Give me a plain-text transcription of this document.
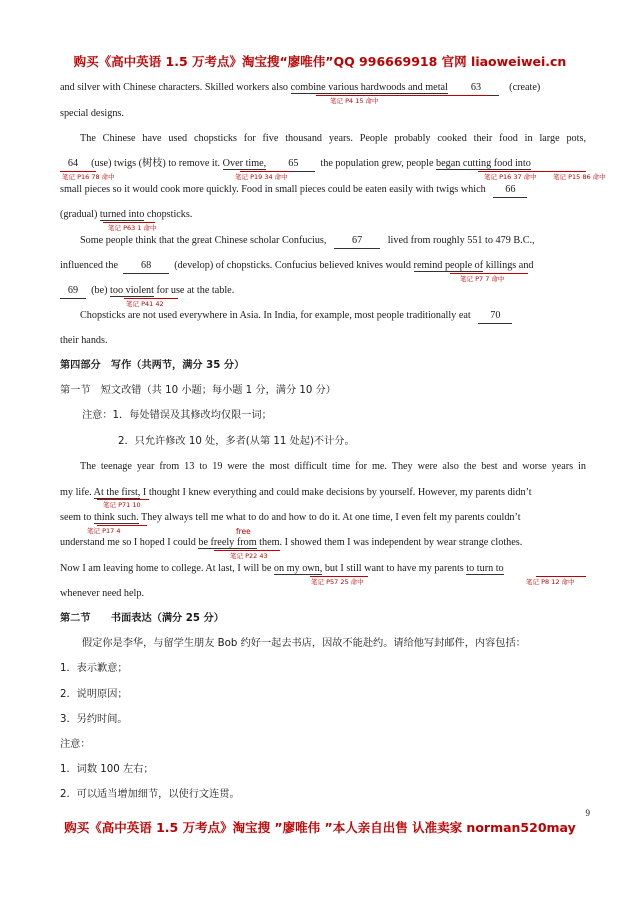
购买《高中英语 1.5 万考点》淘宝搜“廖唯伟”QQ 996669918 官网 liaoweiwei.cn
and silver with Chinese characters. Skilled workers also combine various hardwoods and metal 63	(create)
笔记 P4 15 命中
special designs.
The Chinese have used chopsticks for five thousand years. People probably cooked their food in large pots,
64 (use) twigs (树枝) to remove it. Over time, 65 the population grew, people began cutting food into
笔记 P16 78 命中	笔记 P19 34 命中	笔记 P16 37 命中	笔记 P15 86 命中
small pieces so it would cook more quickly. Food in small pieces could be eaten easily with twigs which 66
(gradual) turned into chopsticks.
笔记 P63 1 命中
Some people think that the great Chinese scholar Confucius,	67	lived from roughly 551 to 479 B.C.,
influenced the 68 (develop) of chopsticks. Confucius believed knives would remind people of killings and
笔记 P7 7 命中
69 (be) too violent for use at the table.
笔记 P41 42
Chopsticks are not used everywhere in Asia. In India, for example, most people traditionally eat 70
their hands.
第四部分　写作（共两节，满分 35 分）
第一节　短文改错（共 10 小题；每小题 1 分，满分 10 分）
注意：1．每处错误及其修改均仅限一词；
2．只允许修改 10 处，多者(从第 11 处起)不计分。
The teenage year from 13 to 19 were the most difficult time for me. They were also the best and worse years in
my life. At the first, I thought I knew everything and could make decisions by yourself. However, my parents didn’t
笔记 P71 10
seem to think such. They always tell me what to do and how to do it. At one time, I even felt my parents couldn’t
笔记 P17 4	free
understand me so I hoped I could be freely from them. I showed them I was independent by wear strange clothes.
笔记 P22 43
Now I am leaving home to college. At last, I will be on my own, but I still want to have my parents to turn to
笔记 P57 25 命中	笔记 P8 12 命中
whenever need help.
第二节　　书面表达（满分 25 分）
假定你是李华，与留学生朋友 Bob 约好一起去书店，因故不能赴约。请给他写封邮件，内容包括：
1．表示歉意；
2．说明原因；
3．另约时间。
注意：
1．词数 100 左右；
2．可以适当增加细节，以使行文连贯。
9
购买《高中英语 1.5 万考点》淘宝搜 ”廖唯伟 ”本人亲自出售 认准卖家 norman520may
